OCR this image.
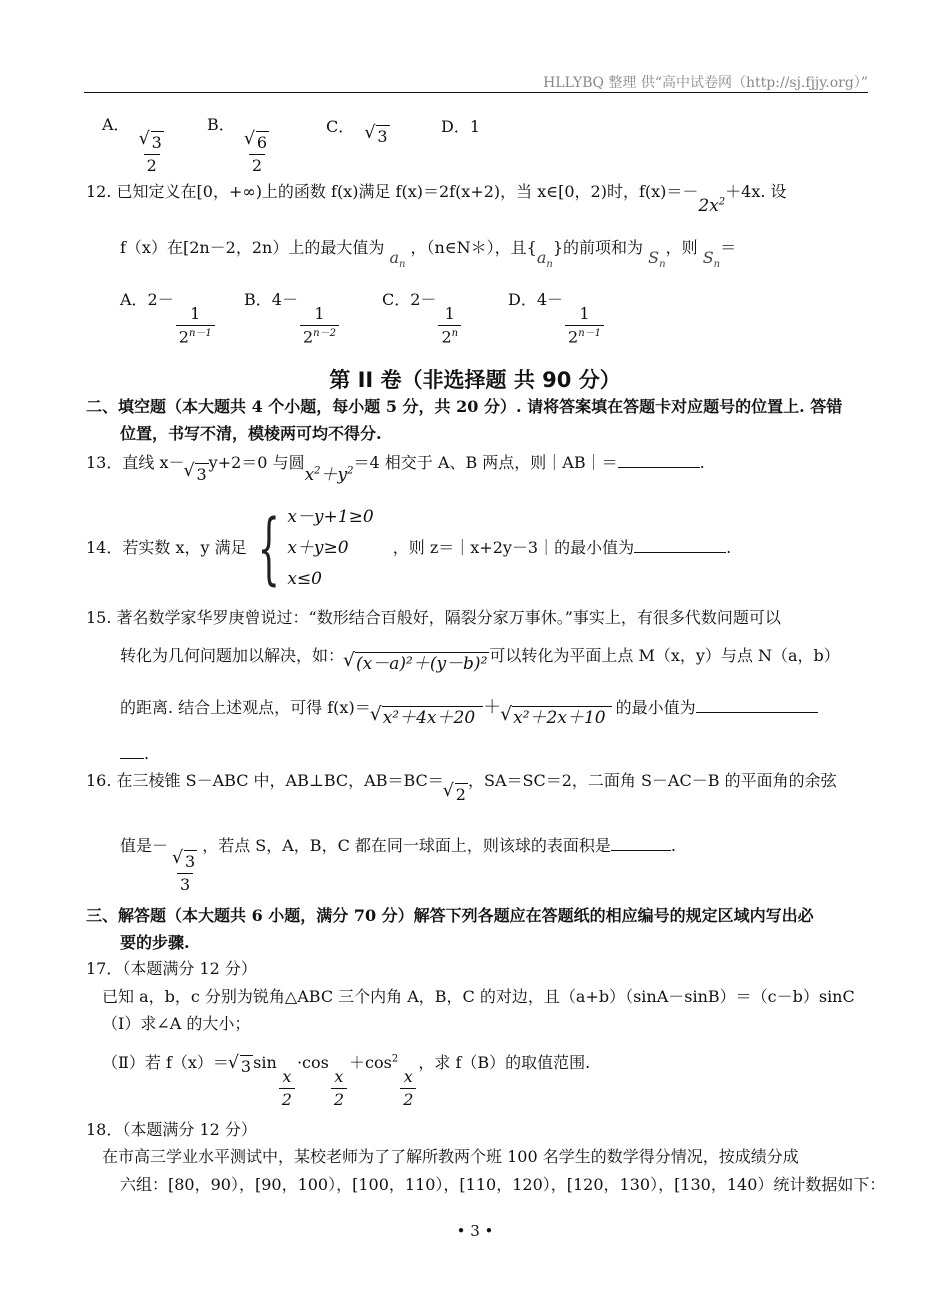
HLLYBQ 整理 供“高中试卷网（http://sj.fjjy.org）”
A．
√ $\frac{3}{2}$
B．
√ $\frac{6}{2}$
C． √ 3
D．1
12. 已知定义在[0，+∞)上的函数 f(x)满足 f(x)＝2f(x+2)，当 x∈[0，2)时，$f(x)=-2x^2+4x$. 设
f（x）在[2n－2，2n）上的最大值为 $a_n$ ，（n∈N＊），且$\{a_n\}$的前项和为 $S_n$，则 $S_n=$
A．2－
$\frac{1}{2^{n-1}}$
B．4－
$\frac{1}{2^{n-2}}$
C．2－
$\frac{1}{2^n}$
D．4－
$\frac{1}{2^{n-1}}$
第 II 卷（非选择题 共 90 分）
二、填空题（本大题共 4 个小题，每小题 5 分，共 20 分）. 请将答案填在答题卡对应题号的位置上. 答错
位置，书写不清，模棱两可均不得分.
13．直线 x－√ 3y+2＝0 与圆$x^2+y^2=4$ 相交于 A、B 两点，则｜AB｜＝	.
14．若实数 x，y 满足 { x－y+1≥0
x＋y≥0
x≤0
，则 z＝｜x+2y－3｜的最小值为	.
15. 著名数学家华罗庚曾说过：“数形结合百般好，隔裂分家万事休。”事实上，有很多代数问题可以
转化为几何问题加以解决，如： √ (x－a)²＋(y－b)² 可以转化为平面上点 M（x，y）与点 N（a，b）
的距离. 结合上述观点，可得 f(x)＝√ x²＋4x＋20 ＋ √ x²＋2x＋10的最小值为
.
16. 在三棱锥 S－ABC 中，AB⊥BC，AB＝BC＝√ 2，SA＝SC＝2，二面角 S－AC－B 的平面角的余弦
值是－
√ $\frac{3}{3}$
，若点 S，A，B，C 都在同一球面上，则该球的表面积是	.
三、解答题（本大题共 6 小题，满分 70 分）解答下列各题应在答题纸的相应编号的规定区域内写出必
要的步骤.
17．（本题满分 12 分）
已知 a，b，c 分别为锐角△ABC 三个内角 A，B，C 的对边，且（a+b）（sinA－sinB）＝（c－b）sinC
（Ⅰ）求∠A 的大小；
（Ⅱ）若 f（x）＝ √ 3 sin
$\frac{x}{2}$
·cos
$\frac{x}{2}$
$+\cos^2$
$\frac{x}{2}$
，求 f（B）的取值范围.
18．（本题满分 12 分）
在市高三学业水平测试中，某校老师为了了解所教两个班 100 名学生的数学得分情况，按成绩分成
六组：[80，90），[90，100），[100，110），[110，120），[120，130），[130，140）统计数据如下：
• 3 •
